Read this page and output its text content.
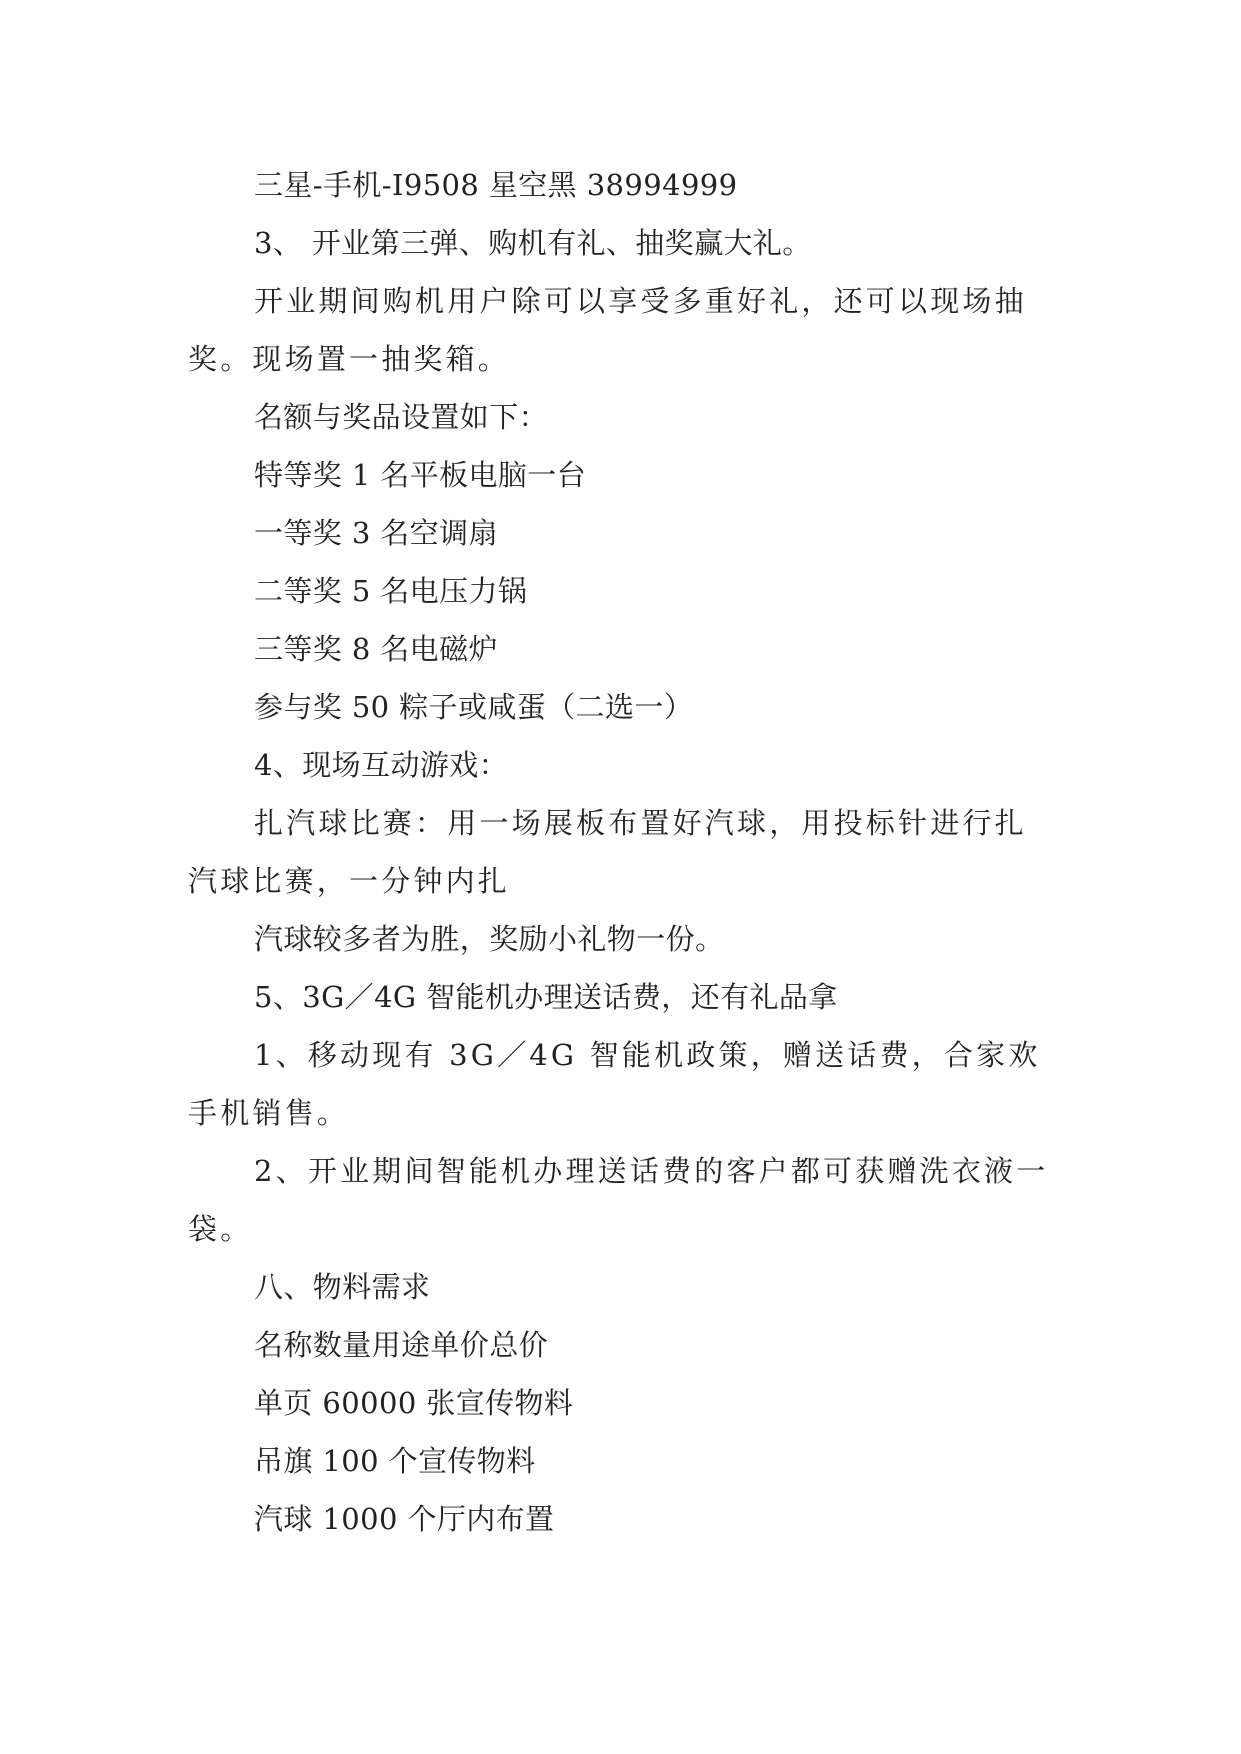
三星-手机-I9508 星空黑 38994999

3、 开业第三弹、购机有礼、抽奖赢大礼。

开业期间购机用户除可以享受多重好礼，还可以现场抽奖。现场置一抽奖箱。

名额与奖品设置如下：

特等奖 1 名平板电脑一台

一等奖 3 名空调扇

二等奖 5 名电压力锅

三等奖 8 名电磁炉

参与奖 50 粽子或咸蛋（二选一）

4、现场互动游戏：

扎汽球比赛：用一场展板布置好汽球，用投标针进行扎汽球比赛，一分钟内扎

汽球较多者为胜，奖励小礼物一份。

5、3G／4G 智能机办理送话费，还有礼品拿

1、移动现有 3G／4G 智能机政策，赠送话费，合家欢手机销售。

2、开业期间智能机办理送话费的客户都可获赠洗衣液一袋。

八、物料需求

名称数量用途单价总价

单页 60000 张宣传物料

吊旗 100 个宣传物料

汽球 1000 个厅内布置
